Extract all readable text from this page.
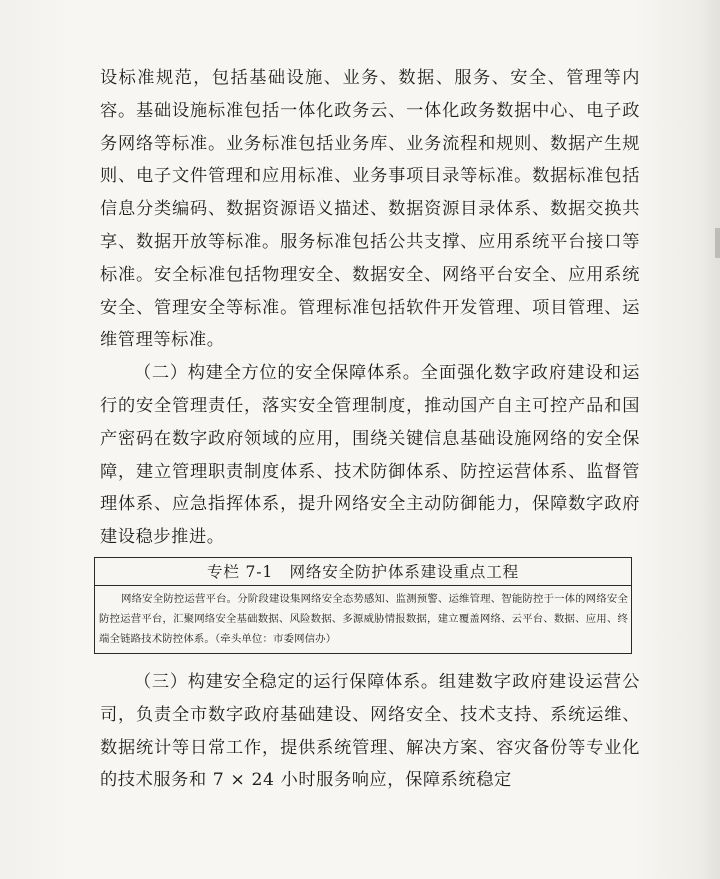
设标准规范，包括基础设施、业务、数据、服务、安全、管理等内容。基础设施标准包括一体化政务云、一体化政务数据中心、电子政务网络等标准。业务标准包括业务库、业务流程和规则、数据产生规则、电子文件管理和应用标准、业务事项目录等标准。数据标准包括信息分类编码、数据资源语义描述、数据资源目录体系、数据交换共享、数据开放等标准。服务标准包括公共支撑、应用系统平台接口等标准。安全标准包括物理安全、数据安全、网络平台安全、应用系统安全、管理安全等标准。管理标准包括软件开发管理、项目管理、运维管理等标准。

（二）构建全方位的安全保障体系。全面强化数字政府建设和运行的安全管理责任，落实安全管理制度，推动国产自主可控产品和国产密码在数字政府领域的应用，围绕关键信息基础设施网络的安全保障，建立管理职责制度体系、技术防御体系、防控运营体系、监督管理体系、应急指挥体系，提升网络安全主动防御能力，保障数字政府建设稳步推进。

专栏 7-1　网络安全防护体系建设重点工程
网络安全防控运营平台。分阶段建设集网络安全态势感知、监测预警、运维管理、智能防控于一体的网络安全防控运营平台，汇聚网络安全基础数据、风险数据、多源威胁情报数据，建立覆盖网络、云平台、数据、应用、终端全链路技术防控体系。（牵头单位：市委网信办）

（三）构建安全稳定的运行保障体系。组建数字政府建设运营公司，负责全市数字政府基础建设、网络安全、技术支持、系统运维、数据统计等日常工作，提供系统管理、解决方案、容灾备份等专业化的技术服务和 7 × 24 小时服务响应，保障系统稳定
